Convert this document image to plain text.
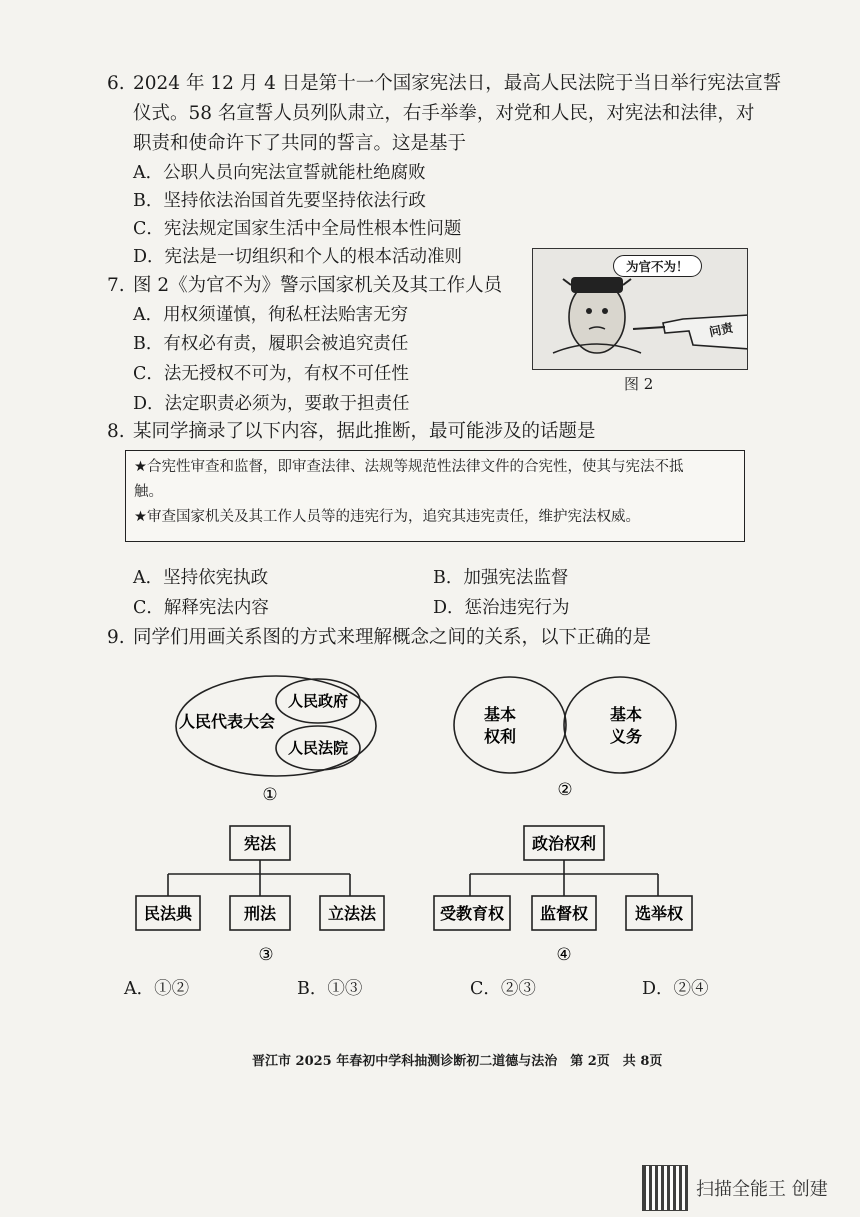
6. 2024 年 12 月 4 日是第十一个国家宪法日，最高人民法院于当日举行宪法宣誓
仪式。58 名宣誓人员列队肃立，右手举拳，对党和人民，对宪法和法律，对
职责和使命许下了共同的誓言。这是基于
A．公职人员向宪法宣誓就能杜绝腐败
B．坚持依法治国首先要坚持依法行政
C．宪法规定国家生活中全局性根本性问题
D．宪法是一切组织和个人的根本活动准则
7. 图 2《为官不为》警示国家机关及其工作人员
A．用权须谨慎，徇私枉法贻害无穷
B．有权必有责，履职会被追究责任
C．法无授权不可为，有权不可任性
D．法定职责必须为，要敢于担责任
为官不为！
问责
图 2
8. 某同学摘录了以下内容，据此推断，最可能涉及的话题是

★合宪性审查和监督，即审查法律、法规等规范性法律文件的合宪性，使其与宪法不抵

触。

★审查国家机关及其工作人员等的违宪行为，追究其违宪责任，维护宪法权威。

A．坚持依宪执政	B．加强宪法监督
C．解释宪法内容	D．惩治违宪行为
9. 同学们用画关系图的方式来理解概念之间的关系，以下正确的是
人民代表大会
人民政府
人民法院
①
基本
权利
基本
义务
②
宪法
民法典	刑法	立法法
③
政治权利
受教育权 监督权	选举权
④
A．①②	B．①③	C．②③	D．②④
晋江市 2025 年春初中学科抽测诊断初二道德与法治　第 2页　共 8页
扫描全能王 创建
